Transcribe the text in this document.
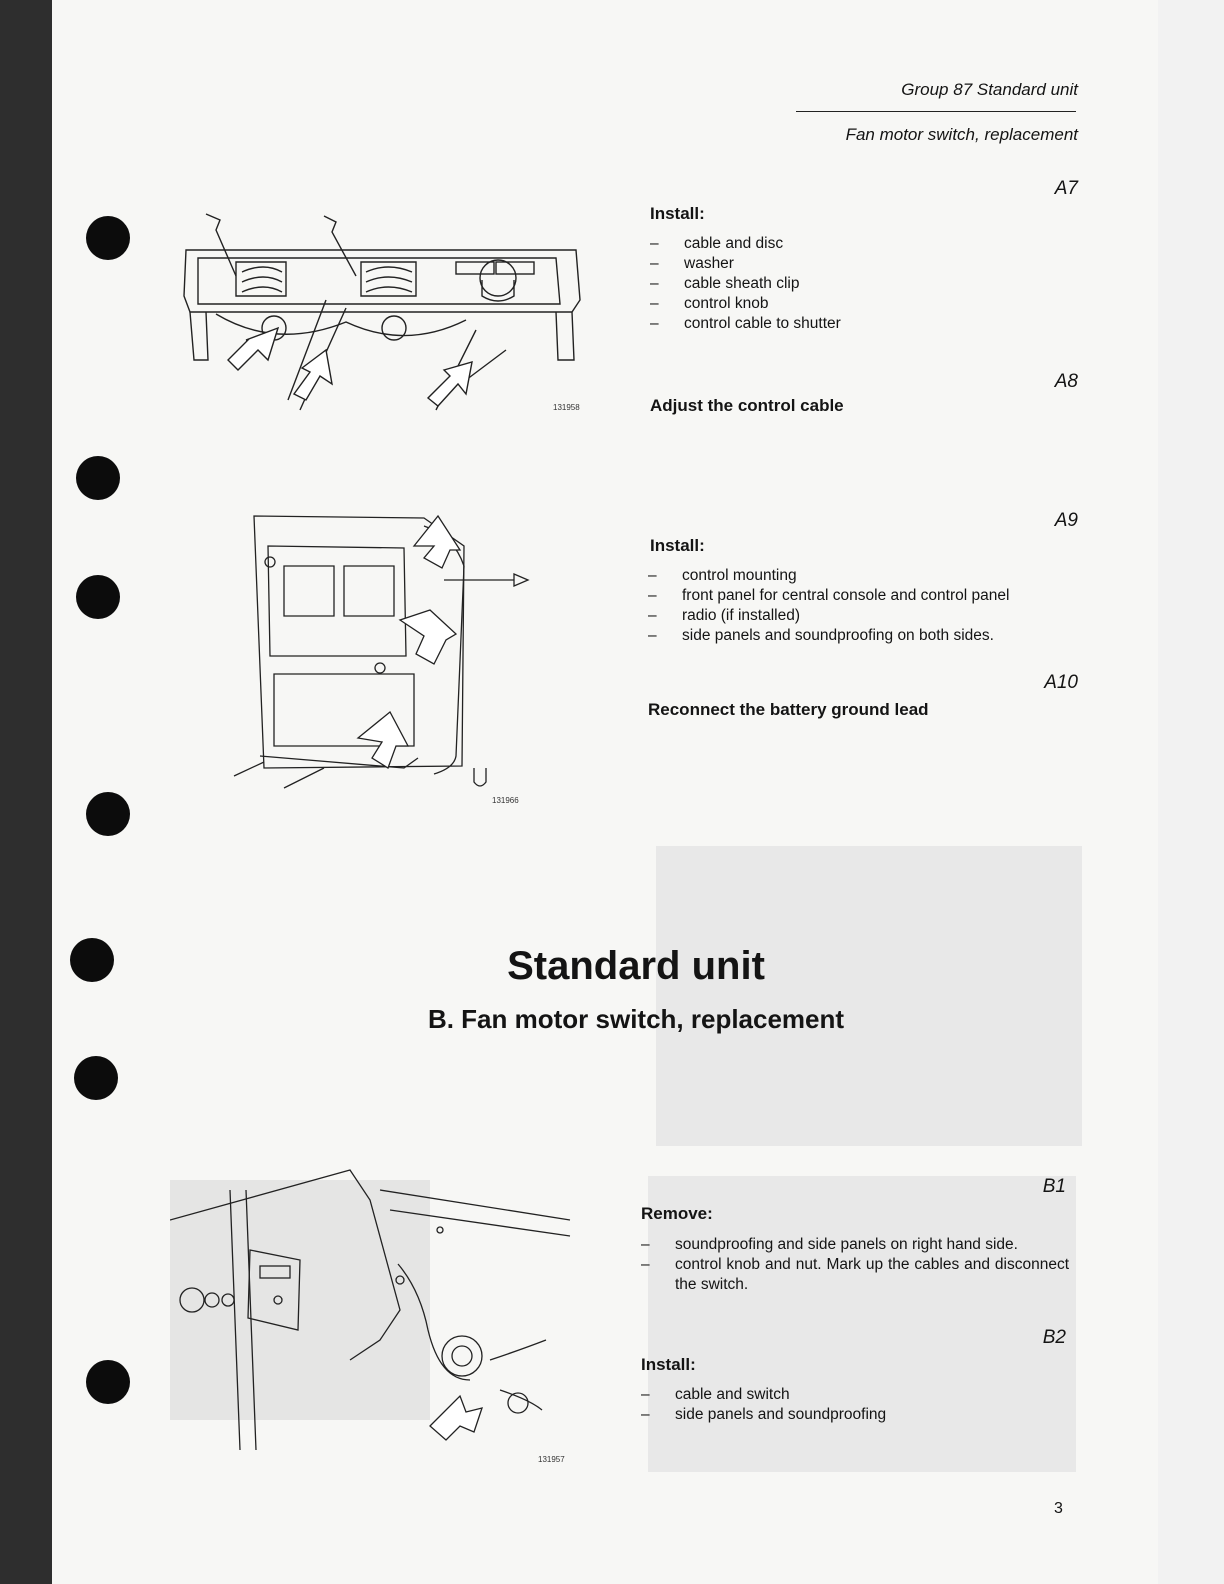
Group 87 Standard unit
Fan motor switch, replacement
131958
A7
Install:
– cable and disc
– washer
– cable sheath clip
– control knob
– control cable to shutter
A8
Adjust the control cable
131966
A9
Install:
– control mounting
– front panel for central console and control panel
– radio (if installed)
– side panels and soundproofing on both sides.
A10
Reconnect the battery ground lead
Standard unit
B. Fan motor switch, replacement
131957
B1
Remove:
– soundproofing and side panels on right hand side.
– control knob and nut. Mark up the cables and disconnect the switch.
B2
Install:
– cable and switch
– side panels and soundproofing
3
